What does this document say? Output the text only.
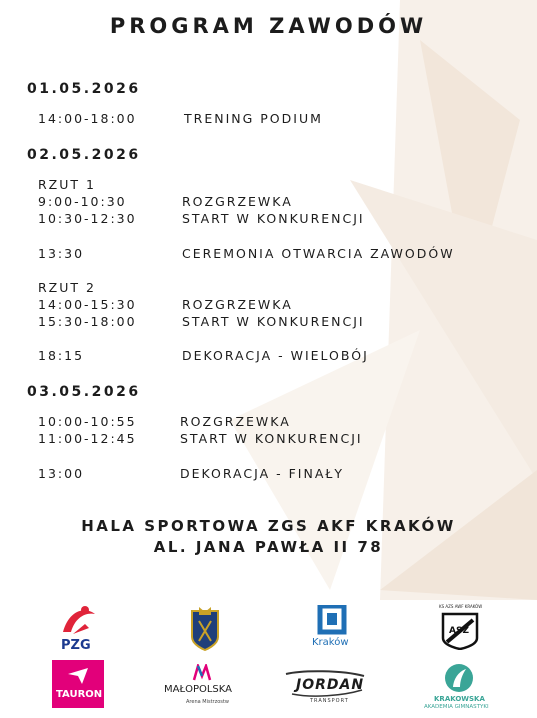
PROGRAM ZAWODÓW
01.05.2026
14:00-18:00	TRENING PODIUM
02.05.2026
RZUT 1
9:00-10:30	ROZGRZEWKA
10:30-12:30	START W KONKURENCJI
13:30	CEREMONIA OTWARCIA ZAWODÓW
RZUT 2
14:00-15:30	ROZGRZEWKA
15:30-18:00	START W KONKURENCJI
18:15	DEKORACJA - WIELOBÓJ
03.05.2026
10:00-10:55	ROZGRZEWKA
11:00-12:45	START W KONKURENCJI
13:00	DEKORACJA - FINAŁY
HALA SPORTOWA ZGS AKF KRAKÓW
AL. JANA PAWŁA II 78
PZG	Kraków
KS AZS AWF KRAKÓW
ASZ
TAURON	MAŁOPOLSKA
Arena Mistrzostw
JORDAN
TRANSPORT	KRAKOWSKA
AKADEMIA GIMNASTYKI
